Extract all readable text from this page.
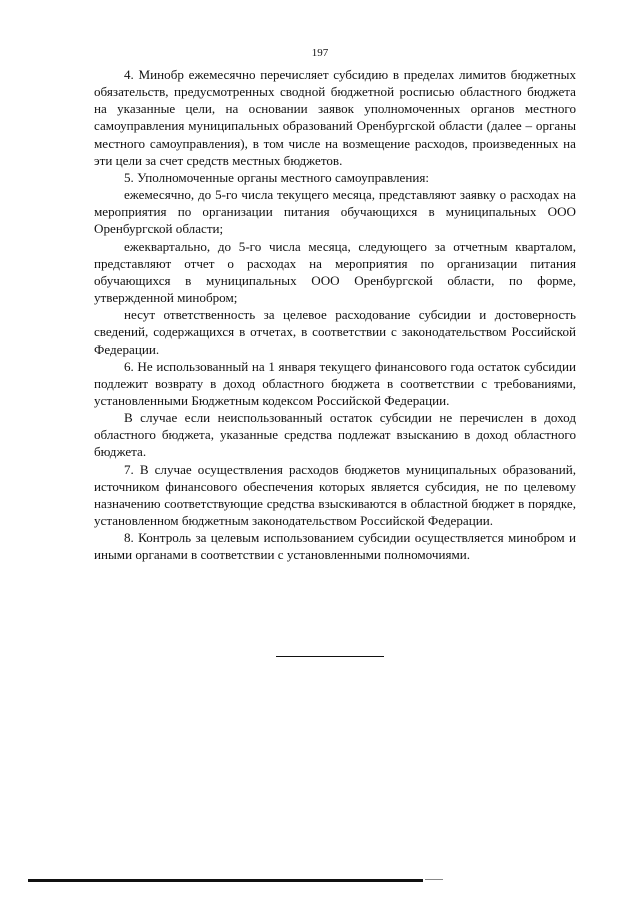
197

4. Минобр ежемесячно перечисляет субсидию в пределах лимитов бюджетных обязательств, предусмотренных сводной бюджетной росписью областного бюджета на указанные цели, на основании заявок уполномоченных органов местного самоуправления муниципальных образований Оренбургской области (далее – органы местного самоуправления), в том числе на возмещение расходов, произведенных на эти цели за счет средств местных бюджетов.

5. Уполномоченные органы местного самоуправления:

ежемесячно, до 5-го числа текущего месяца, представляют заявку о расходах на мероприятия по организации питания обучающихся в муниципальных ООО Оренбургской области;

ежеквартально, до 5-го числа месяца, следующего за отчетным кварталом, представляют отчет о расходах на мероприятия по организации питания обучающихся в муниципальных ООО Оренбургской области, по форме, утвержденной минобром;

несут ответственность за целевое расходование субсидии и достоверность сведений, содержащихся в отчетах, в соответствии с законодательством Российской Федерации.

6. Не использованный на 1 января текущего финансового года остаток субсидии подлежит возврату в доход областного бюджета в соответствии с требованиями, установленными Бюджетным кодексом Российской Федерации.

В случае если неиспользованный остаток субсидии не перечислен в доход областного бюджета, указанные средства подлежат взысканию в доход областного бюджета.

7. В случае осуществления расходов бюджетов муниципальных образований, источником финансового обеспечения которых является субсидия, не по целевому назначению соответствующие средства взыскиваются в областной бюджет в порядке, установленном бюджетным законодательством Российской Федерации.

8. Контроль за целевым использованием субсидии осуществляется минобром и иными органами в соответствии с установленными полномочиями.
